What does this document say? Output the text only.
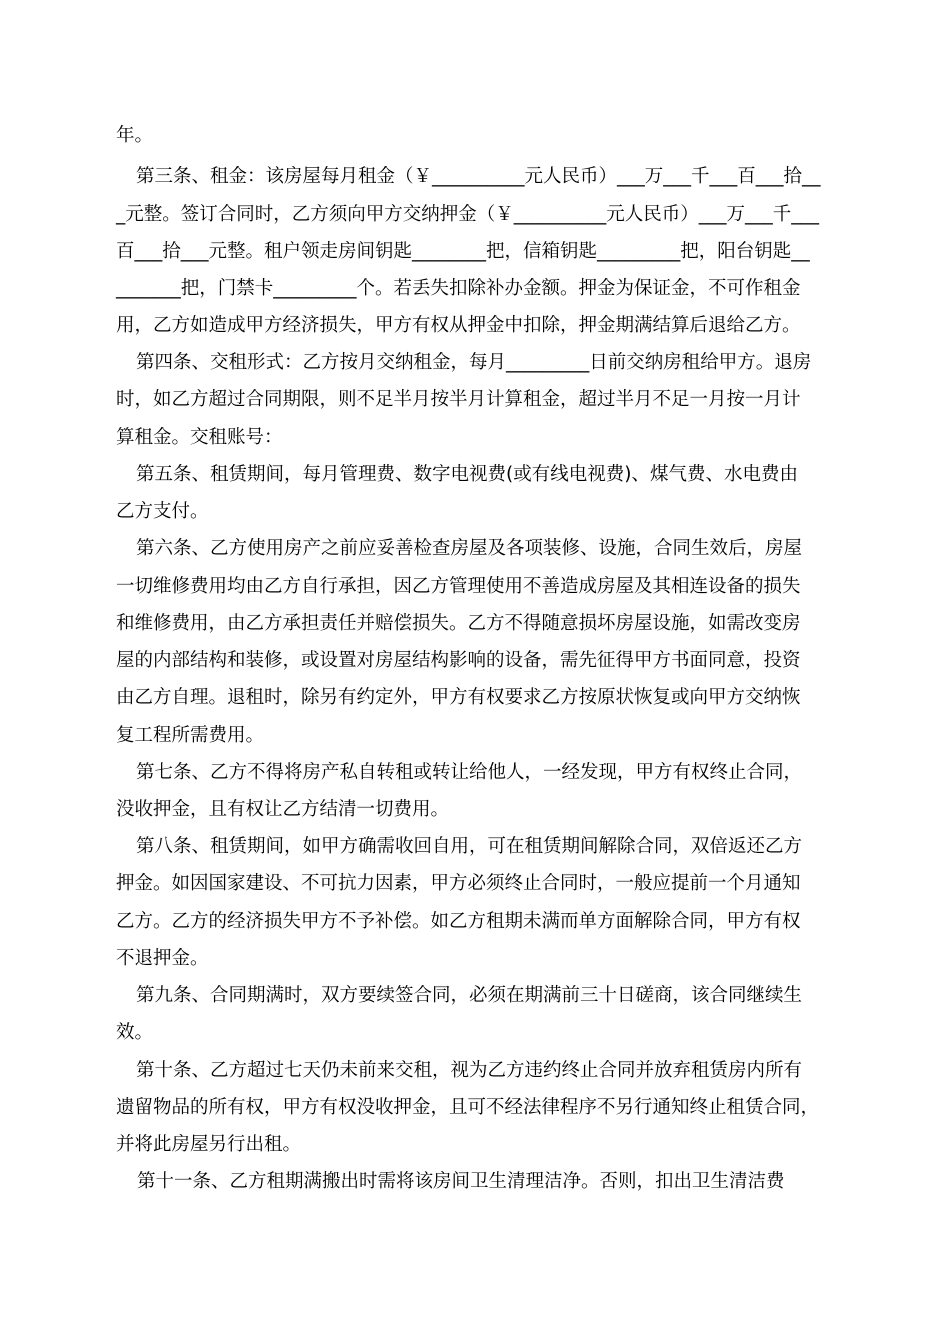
年。
第三条、租金：该房屋每月租金（￥__________元人民币）___万___千___百___拾__
_元整。签订合同时，乙方须向甲方交纳押金（￥__________元人民币）___万___千___
百___拾___元整。租户领走房间钥匙________把，信箱钥匙_________把，阳台钥匙__
_______把，门禁卡_________个。若丢失扣除补办金额。押金为保证金，不可作租金
用，乙方如造成甲方经济损失，甲方有权从押金中扣除，押金期满结算后退给乙方。
第四条、交租形式：乙方按月交纳租金，每月_________日前交纳房租给甲方。退房
时，如乙方超过合同期限，则不足半月按半月计算租金，超过半月不足一月按一月计
算租金。交租账号：
第五条、租赁期间，每月管理费、数字电视费(或有线电视费)、煤气费、水电费由
乙方支付。
第六条、乙方使用房产之前应妥善检查房屋及各项装修、设施，合同生效后，房屋
一切维修费用均由乙方自行承担，因乙方管理使用不善造成房屋及其相连设备的损失
和维修费用，由乙方承担责任并赔偿损失。乙方不得随意损坏房屋设施，如需改变房
屋的内部结构和装修，或设置对房屋结构影响的设备，需先征得甲方书面同意，投资
由乙方自理。退租时，除另有约定外，甲方有权要求乙方按原状恢复或向甲方交纳恢
复工程所需费用。
第七条、乙方不得将房产私自转租或转让给他人，一经发现，甲方有权终止合同，
没收押金，且有权让乙方结清一切费用。
第八条、租赁期间，如甲方确需收回自用，可在租赁期间解除合同，双倍返还乙方
押金。如因国家建设、不可抗力因素，甲方必须终止合同时，一般应提前一个月通知
乙方。乙方的经济损失甲方不予补偿。如乙方租期未满而单方面解除合同，甲方有权
不退押金。
第九条、合同期满时，双方要续签合同，必须在期满前三十日磋商，该合同继续生
效。
第十条、乙方超过七天仍未前来交租，视为乙方违约终止合同并放弃租赁房内所有
遗留物品的所有权，甲方有权没收押金，且可不经法律程序不另行通知终止租赁合同，
并将此房屋另行出租。
第十一条、乙方租期满搬出时需将该房间卫生清理洁净。否则，扣出卫生清洁费
